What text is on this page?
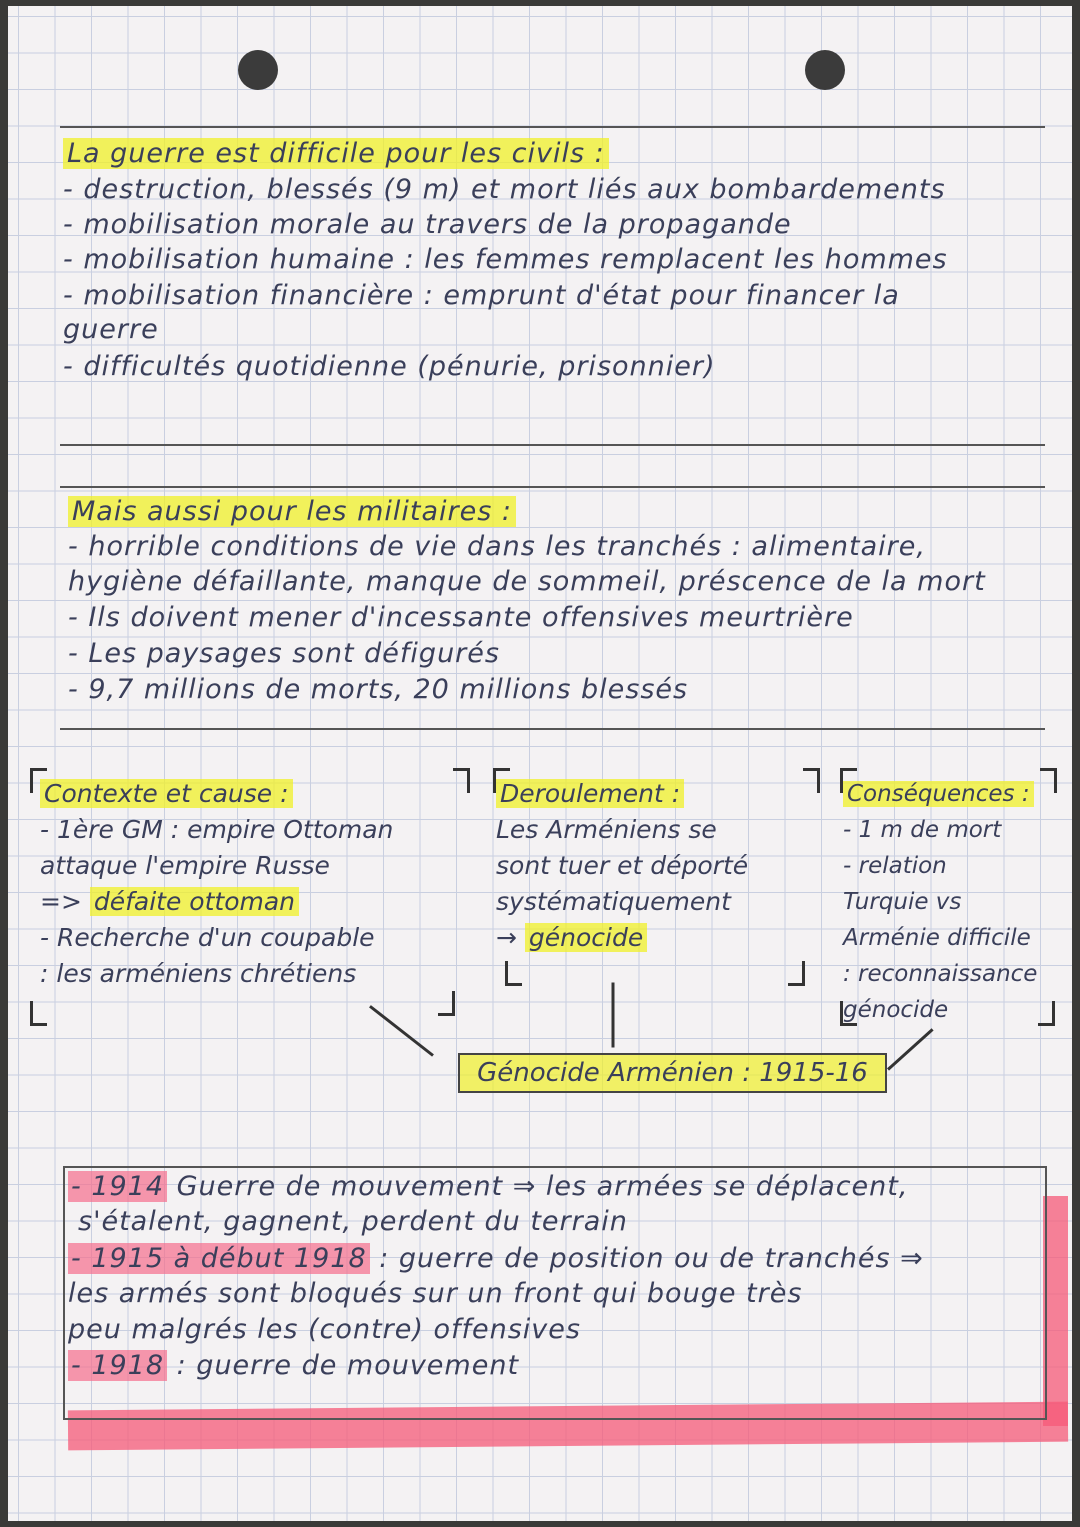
La guerre est difficile pour les civils :
- destruction, blessés (9 m) et mort liés aux bombardements
- mobilisation morale au travers de la propagande
- mobilisation humaine : les femmes remplacent les hommes
- mobilisation financière : emprunt d'état pour financer la
guerre
- difficultés quotidienne (pénurie, prisonnier)
Mais aussi pour les militaires :
- horrible conditions de vie dans les tranchés : alimentaire,
hygiène défaillante, manque de sommeil, préscence de la mort
- Ils doivent mener d'incessante offensives meurtrière
- Les paysages sont défigurés
- 9,7 millions de morts, 20 millions blessés
Contexte et cause :
- 1ère GM : empire Ottoman
attaque l'empire Russe
=> défaite ottoman
- Recherche d'un coupable
: les arméniens chrétiens
Deroulement :
Les Arméniens se
sont tuer et déporté
systématiquement
→ génocide
Conséquences :
- 1 m de mort
- relation
Turquie vs
Arménie difficile
: reconnaissance
génocide
Génocide Arménien : 1915-16
- 1914 Guerre de mouvement ⇒ les armées se déplacent,
s'étalent, gagnent, perdent du terrain
- 1915 à début 1918 : guerre de position ou de tranchés ⇒
les armés sont bloqués sur un front qui bouge très
peu malgrés les (contre) offensives
- 1918 : guerre de mouvement
